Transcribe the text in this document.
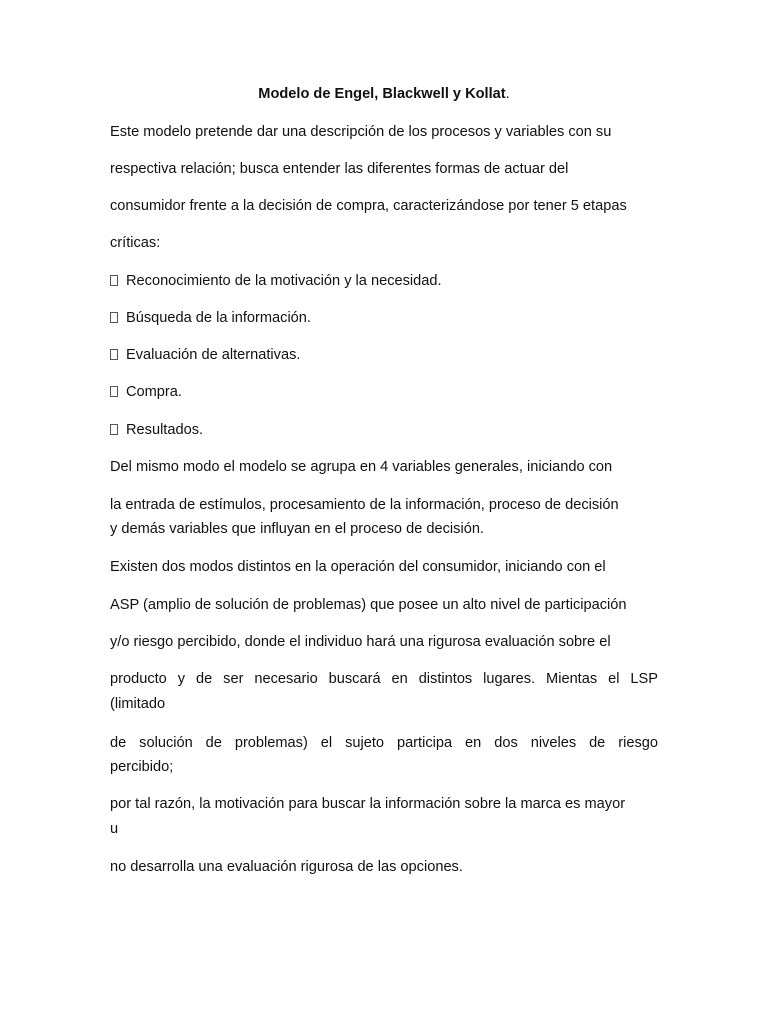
Modelo de Engel, Blackwell y Kollat.
Este modelo pretende dar una descripción de los procesos y variables con su
respectiva relación; busca entender las diferentes formas de actuar del
consumidor frente a la decisión de compra, caracterizándose por tener 5 etapas
críticas:
Reconocimiento de la motivación y la necesidad.
Búsqueda de la información.
Evaluación de alternativas.
Compra.
Resultados.
Del mismo modo el modelo se agrupa en 4 variables generales, iniciando con
la entrada de estímulos, procesamiento de la información, proceso de decisión
y demás variables que influyan en el proceso de decisión.
Existen dos modos distintos en la operación del consumidor, iniciando con el
ASP (amplio de solución de problemas) que posee un alto nivel de participación
y/o riesgo percibido, donde el individuo hará una rigurosa evaluación sobre el
producto y de ser necesario buscará en distintos lugares. Mientas el LSP
(limitado
de solución de problemas) el sujeto participa en dos niveles de riesgo
percibido;
por tal razón, la motivación para buscar la información sobre la marca es mayor
u
no desarrolla una evaluación rigurosa de las opciones.
